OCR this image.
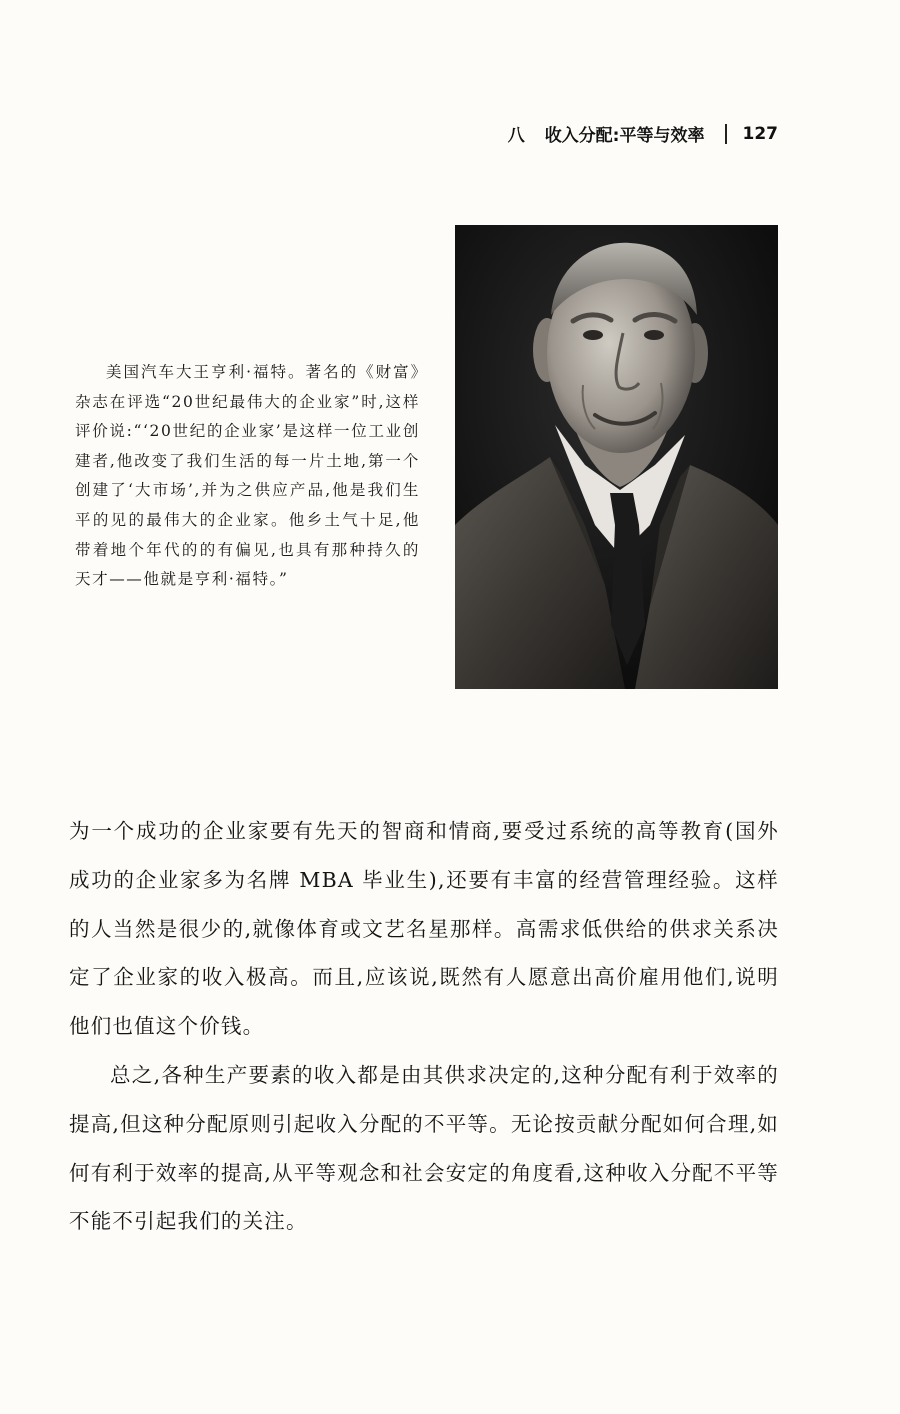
八 收入分配:平等与效率 127

美国汽车大王亨利·福特。著名的《财富》杂志在评选“20世纪最伟大的企业家”时,这样评价说:“‘20世纪的企业家’是这样一位工业创建者,他改变了我们生活的每一片土地,第一个创建了‘大市场’,并为之供应产品,他是我们生平的见的最伟大的企业家。他乡土气十足,他带着地个年代的的有偏见,也具有那种持久的天才——他就是亨利·福特。”

为一个成功的企业家要有先天的智商和情商,要受过系统的高等教育(国外成功的企业家多为名牌 MBA 毕业生),还要有丰富的经营管理经验。这样的人当然是很少的,就像体育或文艺名星那样。高需求低供给的供求关系决定了企业家的收入极高。而且,应该说,既然有人愿意出高价雇用他们,说明他们也值这个价钱。

总之,各种生产要素的收入都是由其供求决定的,这种分配有利于效率的提高,但这种分配原则引起收入分配的不平等。无论按贡献分配如何合理,如何有利于效率的提高,从平等观念和社会安定的角度看,这种收入分配不平等不能不引起我们的关注。
